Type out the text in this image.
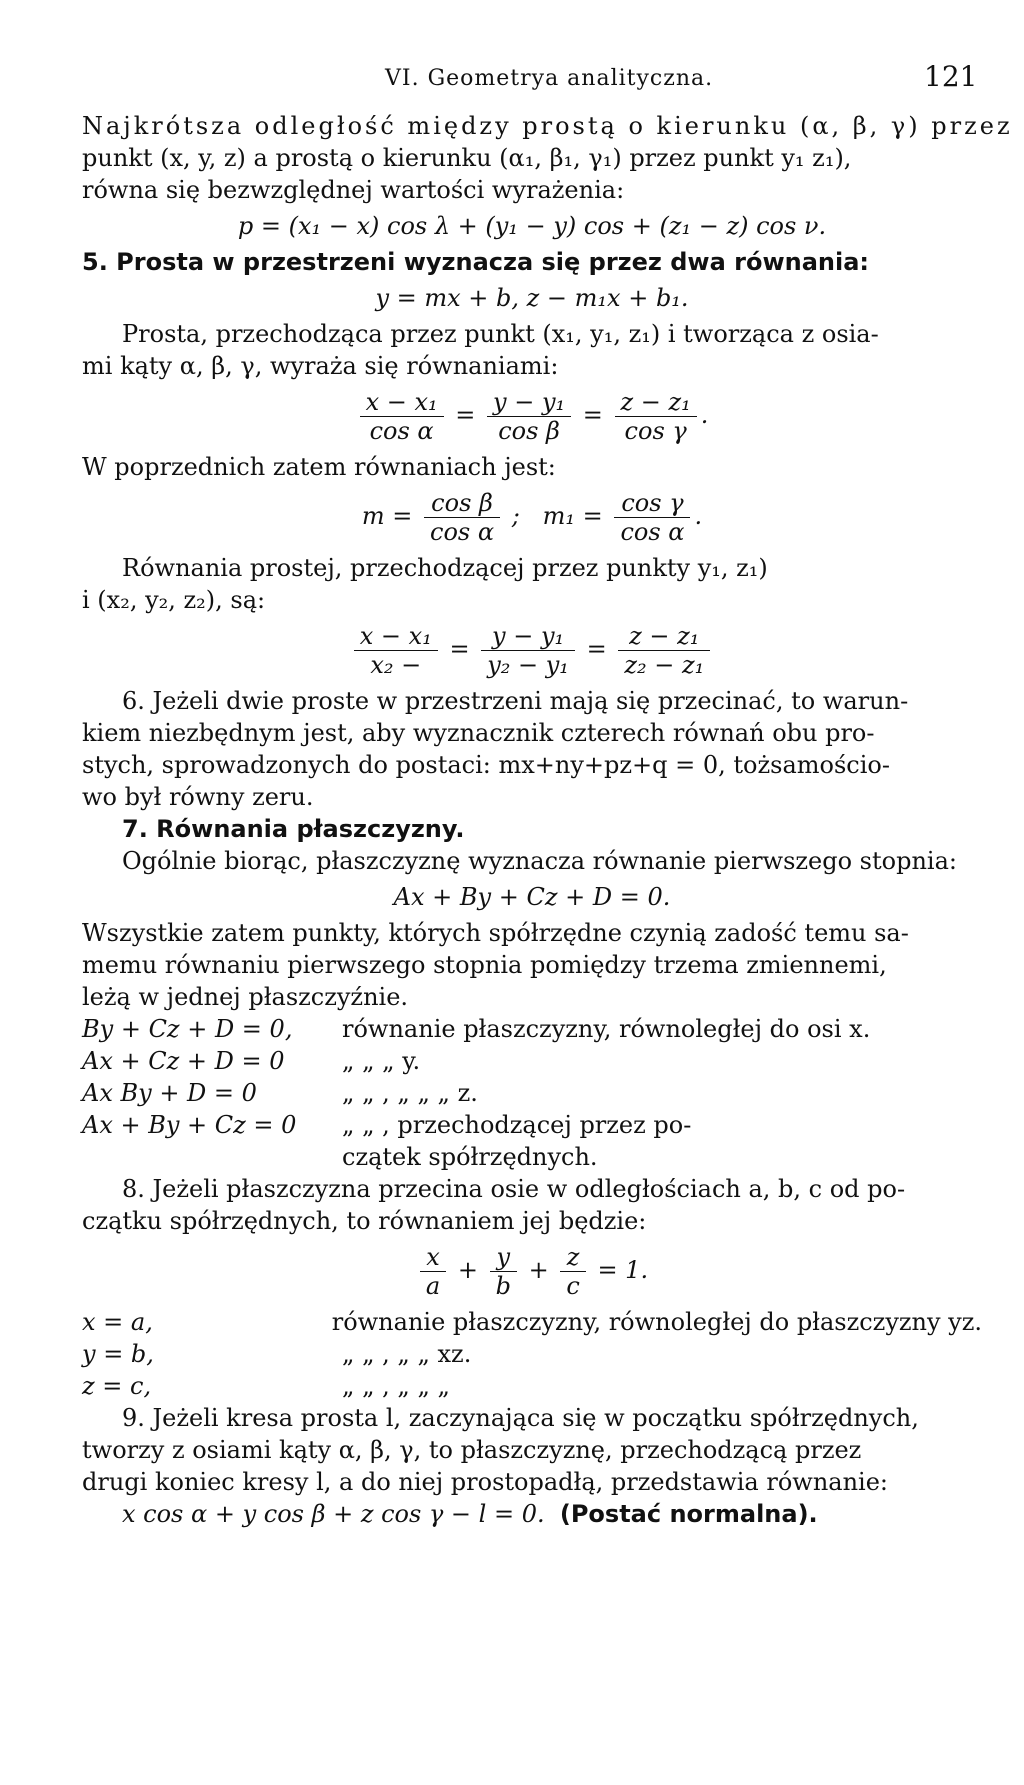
VI. Geometrya analityczna.	121
Najkrótsza odległość między prostą o kierunku (α, β, γ) przez
punkt (x, y, z) a prostą o kierunku (α₁, β₁, γ₁) przez punkt y₁ z₁),
równa się bezwzględnej wartości wyrażenia:
p = (x₁ − x) cos λ + (y₁ − y) cos + (z₁ − z) cos ν.
5. Prosta w przestrzeni wyznacza się przez dwa równania:
y = mx + b, z − m₁x + b₁.
Prosta, przechodząca przez punkt (x₁, y₁, z₁) i tworząca z osia-
mi kąty α, β, γ, wyraża się równaniami:
$\frac{\text{x − x₁}}{\text{cos α}} = \frac{\text{y − y₁}}{\text{cos β}} = \frac{\text{z − z₁}}{\text{cos γ}}$ .
W poprzednich zatem równaniach jest:
$m = \frac{\text{cos β}}{\text{cos α}}$ ;   $m_1 = \frac{\text{cos γ}}{\text{cos α}}$ .
Równania prostej, przechodzącej przez punkty y₁, z₁)
i (x₂, y₂, z₂), są:
$\frac{\text{x − x₁}}{\text{x₂ −}} = \frac{\text{y − y₁}}{\text{y₂ − y₁}} = \frac{\text{z − z₁}}{\text{z₂ − z₁}}$
6. Jeżeli dwie proste w przestrzeni mają się przecinać, to warun-
kiem niezbędnym jest, aby wyznacznik czterech równań obu pro-
stych, sprowadzonych do postaci: mx+ny+pz+q = 0, tożsamościo-
wo był równy zeru.
7. Równania płaszczyzny.
Ogólnie biorąc, płaszczyznę wyznacza równanie pierwszego stopnia:
Ax + By + Cz + D = 0.
Wszystkie zatem punkty, których spółrzędne czynią zadość temu sa-
memu równaniu pierwszego stopnia pomiędzy trzema zmiennemi,
leżą w jednej płaszczyźnie.
By + Cz + D = 0,	równanie płaszczyzny, równoległej do osi x.
Ax + Cz + D = 0	„ „ „ y.
Ax By + D = 0	„ „ , „ „ „ z.
Ax + By + Cz = 0	„ „ , przechodzącej przez po-
czątek spółrzędnych.
8. Jeżeli płaszczyzna przecina osie w odległościach a, b, c od po-
czątku spółrzędnych, to równaniem jej będzie:
$\frac{x}{a} + \frac{y}{b} + \frac{z}{c} = 1$.
x = a,	równanie płaszczyzny, równoległej do płaszczyzny yz.
y = b,	„ „ , „ „ xz.
z = c,	„ „ , „ „ „
9. Jeżeli kresa prosta l, zaczynająca się w początku spółrzędnych,
tworzy z osiami kąty α, β, γ, to płaszczyznę, przechodzącą przez
drugi koniec kresy l, a do niej prostopadłą, przedstawia równanie:
x cos α + y cos β + z cos γ − l = 0. (Postać normalna).
